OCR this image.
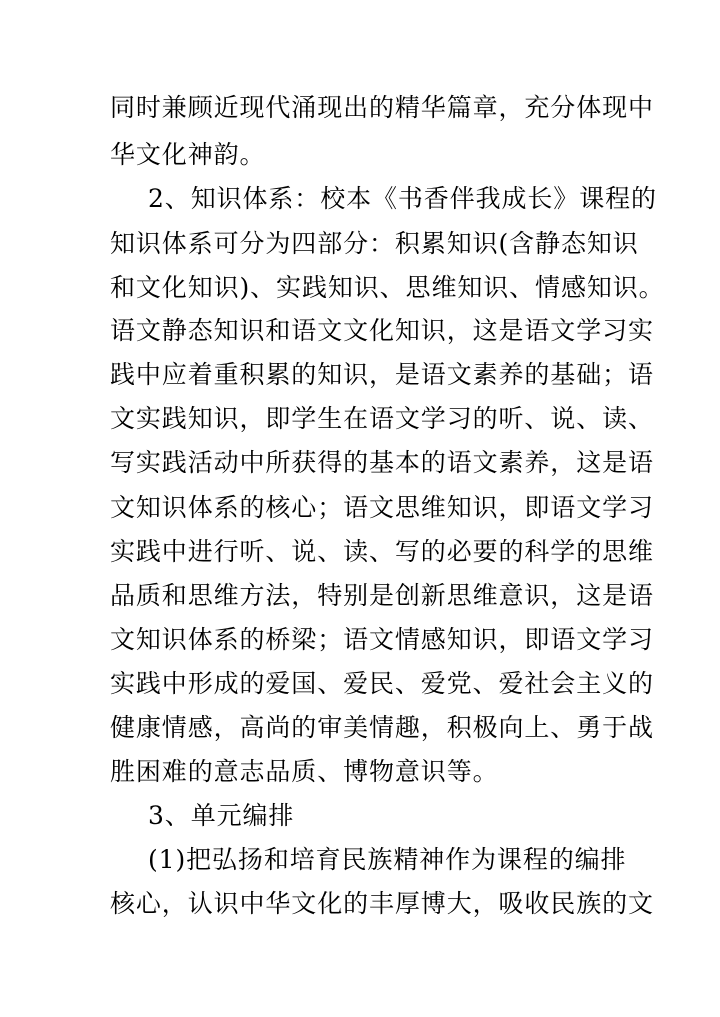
同时兼顾近现代涌现出的精华篇章，充分体现中
华文化神韵。
2、知识体系：校本《书香伴我成长》课程的
知识体系可分为四部分：积累知识(含静态知识
和文化知识)、实践知识、思维知识、情感知识。
语文静态知识和语文文化知识，这是语文学习实
践中应着重积累的知识，是语文素养的基础；语
文实践知识，即学生在语文学习的听、说、读、
写实践活动中所获得的基本的语文素养，这是语
文知识体系的核心；语文思维知识，即语文学习
实践中进行听、说、读、写的必要的科学的思维
品质和思维方法，特别是创新思维意识，这是语
文知识体系的桥梁；语文情感知识，即语文学习
实践中形成的爱国、爱民、爱党、爱社会主义的
健康情感，高尚的审美情趣，积极向上、勇于战
胜困难的意志品质、博物意识等。
3、单元编排
(1)把弘扬和培育民族精神作为课程的编排
核心，认识中华文化的丰厚博大，吸收民族的文
